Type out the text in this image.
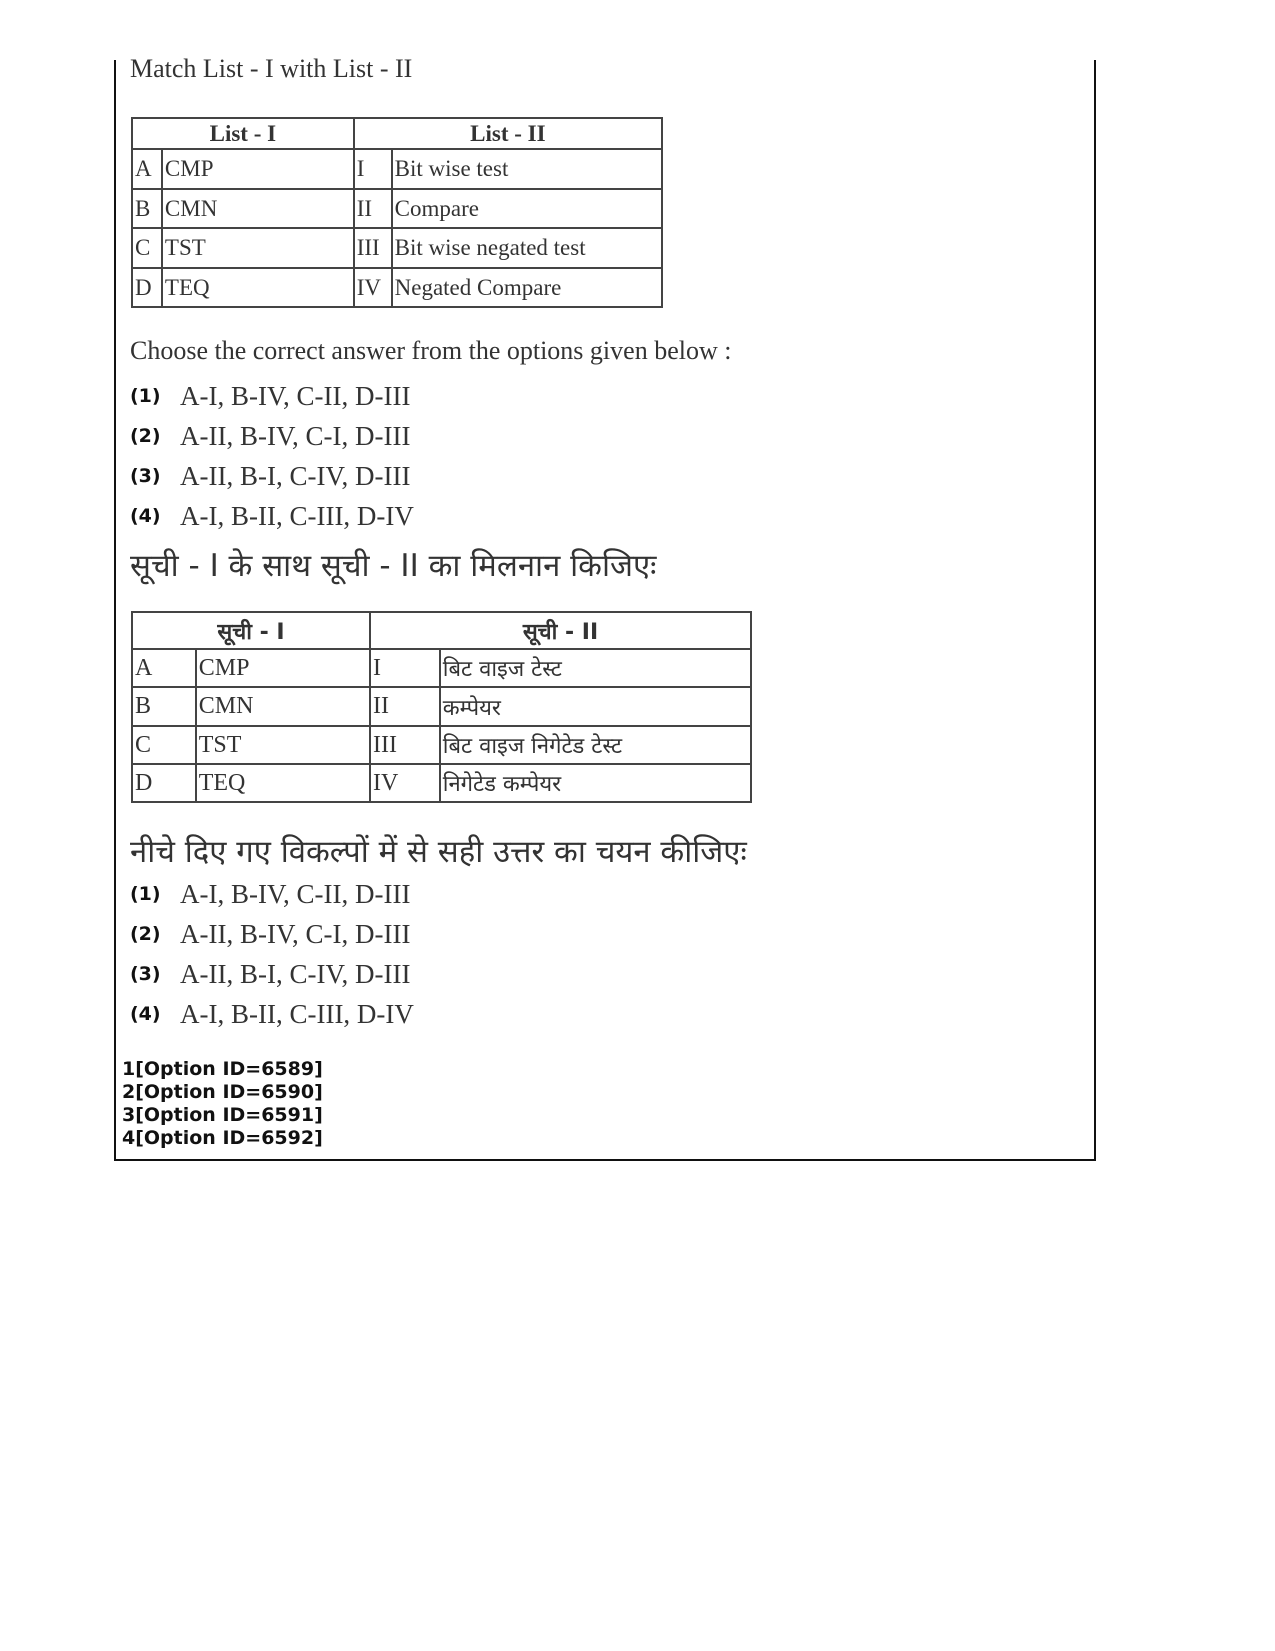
Match List - I with List - II
List - I		List - II	
A	CMP	I	Bit wise test
B	CMN	II	Compare
C	TST	III	Bit wise negated test
D	TEQ	IV	Negated Compare
Choose the correct answer from the options given below :
(1) A-I, B-IV, C-II, D-III
(2) A-II, B-IV, C-I, D-III
(3) A-II, B-I, C-IV, D-III
(4) A-I, B-II, C-III, D-IV
सूची - I के साथ सूची - II का मिलनान किजिएः
सूची - I		सूची - II	
A	CMP	I	बिट वाइज टेस्ट
B	CMN	II	कम्पेयर
C	TST	III	बिट वाइज निगेटेड टेस्ट
D	TEQ	IV	निगेटेड कम्पेयर
नीचे दिए गए विकल्पों में से सही उत्तर का चयन कीजिएः
(1) A-I, B-IV, C-II, D-III
(2) A-II, B-IV, C-I, D-III
(3) A-II, B-I, C-IV, D-III
(4) A-I, B-II, C-III, D-IV
1[Option ID=6589]
2[Option ID=6590]
3[Option ID=6591]
4[Option ID=6592]
